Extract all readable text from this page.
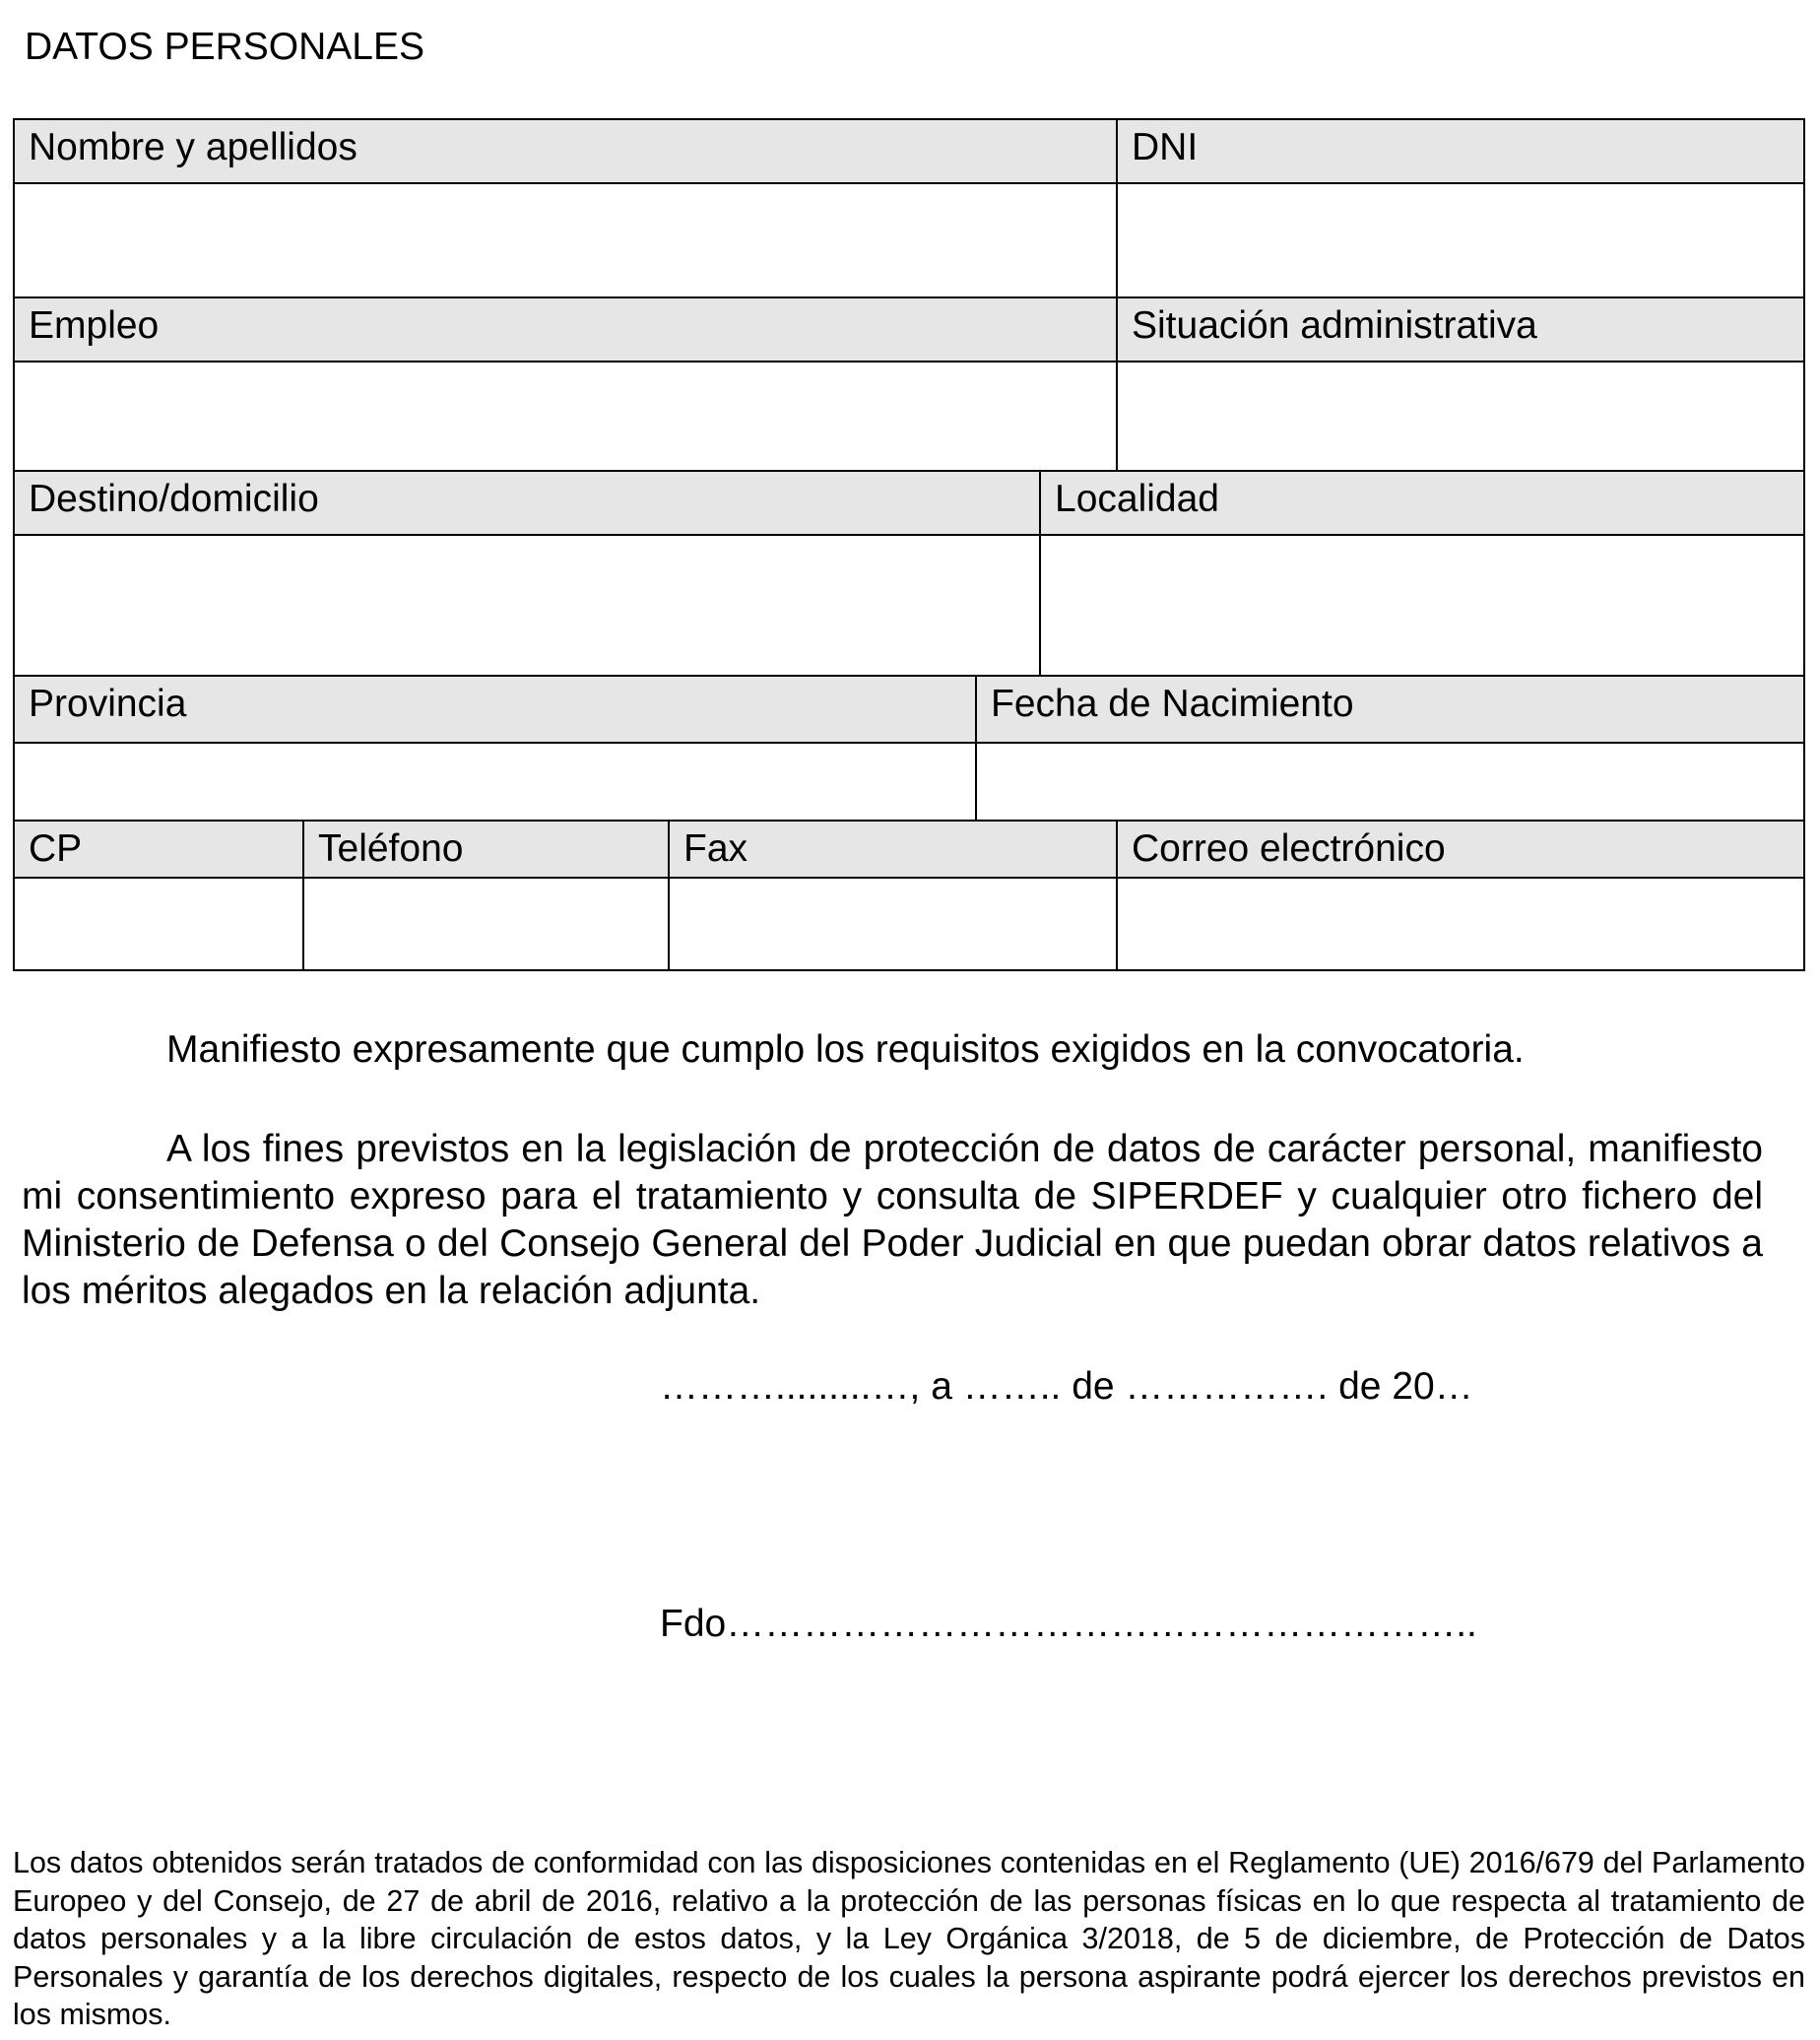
DATOS PERSONALES
Nombre y apellidos	DNI
Empleo	Situación administrativa
Destino/domicilio	Localidad
Provincia	Fecha de Nacimiento
CP	Teléfono	Fax	Correo electrónico
Manifiesto expresamente que cumplo los requisitos exigidos en la convocatoria.
A los fines previstos en la legislación de protección de datos de carácter personal, manifiesto mi consentimiento expreso para el tratamiento y consulta de SIPERDEF y cualquier otro fichero del Ministerio de Defensa o del Consejo General del Poder Judicial en que puedan obrar datos relativos a los méritos alegados en la relación adjunta.
……….........…, a …….. de ……………. de 20…
Fdo…………………………………………………..
Los datos obtenidos serán tratados de conformidad con las disposiciones contenidas en el Reglamento (UE) 2016/679 del Parlamento Europeo y del Consejo, de 27 de abril de 2016, relativo a la protección de las personas físicas en lo que respecta al tratamiento de datos personales y a la libre circulación de estos datos, y la Ley Orgánica 3/2018, de 5 de diciembre, de Protección de Datos Personales y garantía de los derechos digitales, respecto de los cuales la persona aspirante podrá ejercer los derechos previstos en los mismos.
